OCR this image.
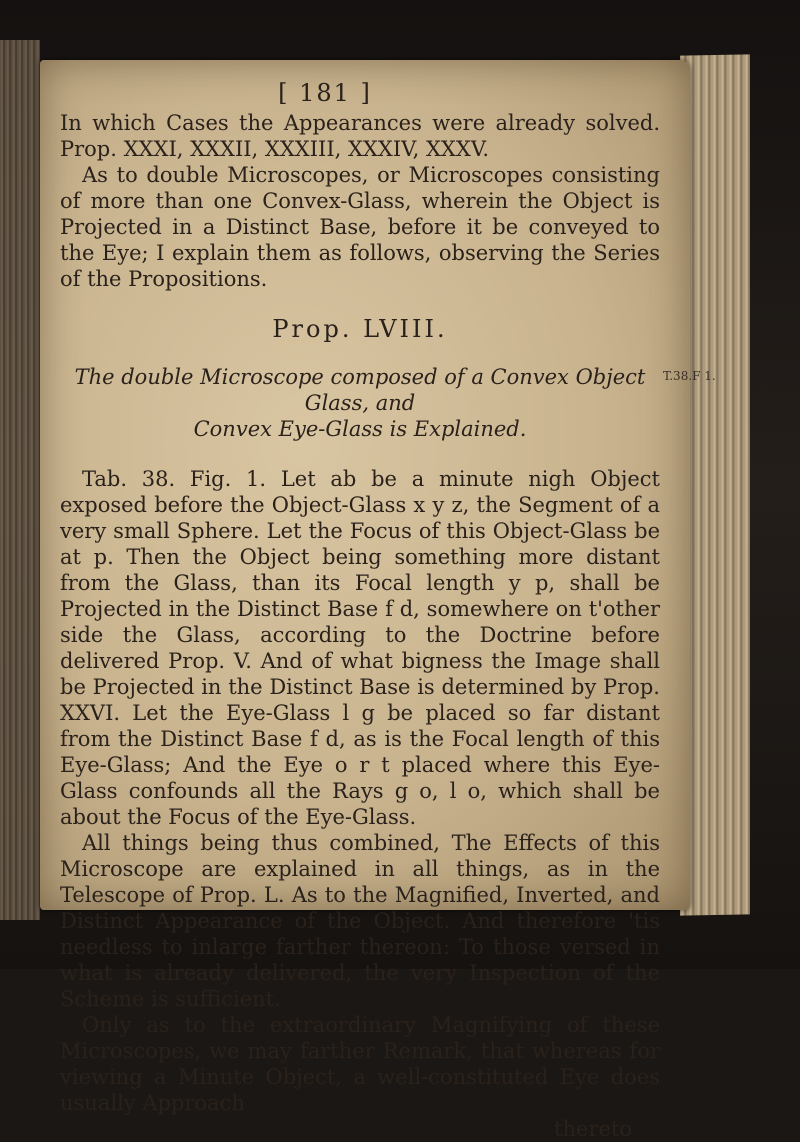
[ 181 ]

In which Cases the Appearances were already solved. Prop. XXXI, XXXII, XXXIII, XXXIV, XXXV.

As to double Microscopes, or Microscopes consisting of more than one Convex-Glass, wherein the Object is Projected in a Distinct Base, before it be conveyed to the Eye; I explain them as follows, observing the Series of the Propositions.

Prop. LVIII.
The double Microscope composed of a Convex Object Glass, and
Convex Eye-Glass is Explained.

Tab. 38. Fig. 1. Let ab be a minute nigh Object exposed before the Object-Glass x y z, the Segment of a very small Sphere. Let the Focus of this Object-Glass be at p. Then the Object being something more distant from the Glass, than its Focal length y p, shall be Projected in the Distinct Base f d, somewhere on t'other side the Glass, according to the Doctrine before delivered Prop. V. And of what bigness the Image shall be Projected in the Distinct Base is determined by Prop. XXVI. Let the Eye-Glass l g be placed so far distant from the Distinct Base f d, as is the Focal length of this Eye-Glass; And the Eye o r t placed where this Eye-Glass confounds all the Rays g o, l o, which shall be about the Focus of the Eye-Glass.

All things being thus combined, The Effects of this Microscope are explained in all things, as in the Telescope of Prop. L. As to the Magnified, Inverted, and Distinct Appearance of the Object. And therefore 'tis needless to inlarge farther thereon: To those versed in what is already delivered, the very Inspection of the Scheme is sufficient.

Only as to the extraordinary Magnifying of these Microscopes, we may farther Remark, that whereas for viewing a Minute Object, a well-constituted Eye does usually Approach

thereto
T.38.F 1.
